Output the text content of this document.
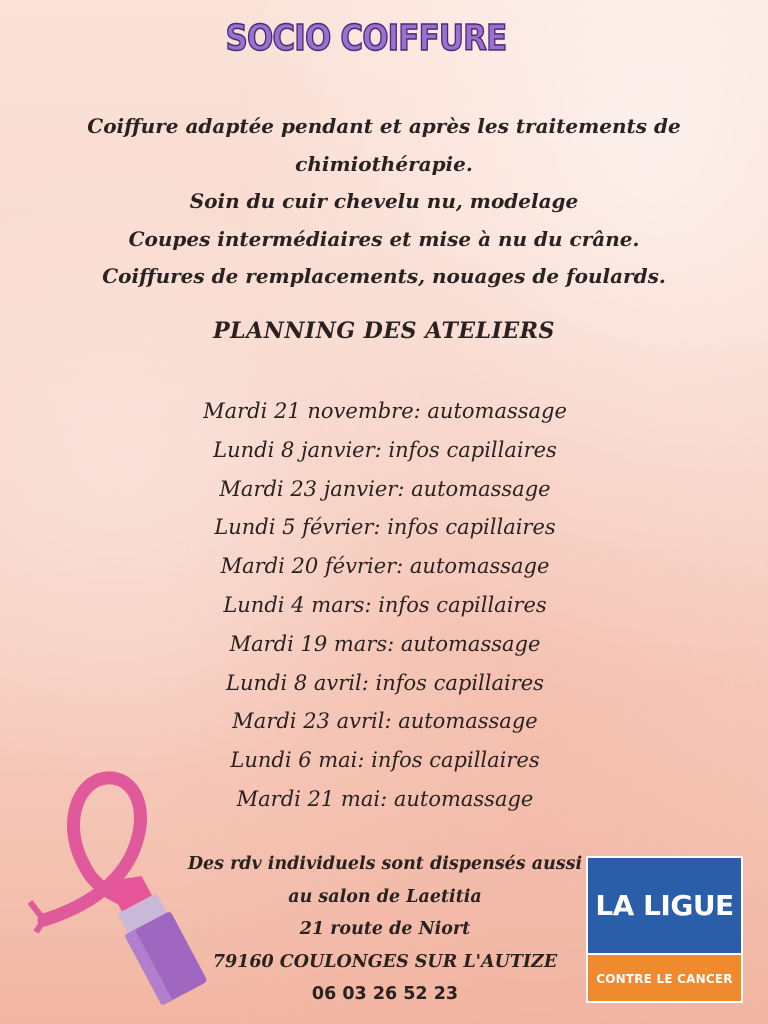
SOCIO COIFFURE
Coiffure adaptée pendant et après les traitements de
chimiothérapie.
Soin du cuir chevelu nu, modelage
Coupes intermédiaires et mise à nu du crâne.
Coiffures de remplacements, nouages de foulards.
PLANNING DES ATELIERS
Mardi 21 novembre: automassage
Lundi 8 janvier: infos capillaires
Mardi 23 janvier: automassage
Lundi 5 février: infos capillaires
Mardi 20 février: automassage
Lundi 4 mars: infos capillaires
Mardi 19 mars: automassage
Lundi 8 avril: infos capillaires
Mardi 23 avril: automassage
Lundi 6 mai: infos capillaires
Mardi 21 mai: automassage
Des rdv individuels sont dispensés aussi
au salon de Laetitia
21 route de Niort
79160 COULONGES SUR L'AUTIZE
06 03 26 52 23
LA LIGUE
CONTRE LE CANCER
